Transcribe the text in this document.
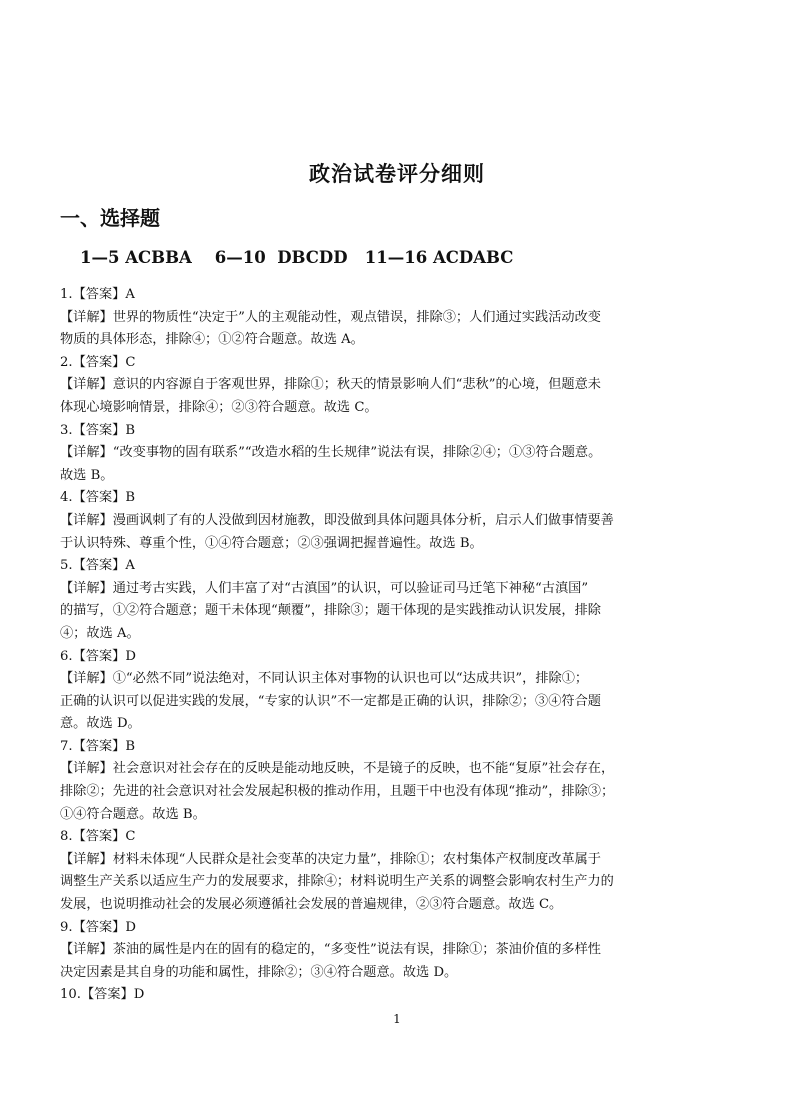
政治试卷评分细则
一、选择题
1—5 ACBBA    6—10  DBCDD   11—16 ACDABC
1.【答案】A
【详解】世界的物质性“决定于”人的主观能动性，观点错误，排除③；人们通过实践活动改变
物质的具体形态，排除④；①②符合题意。故选 A。
2.【答案】C
【详解】意识的内容源自于客观世界，排除①；秋天的情景影响人们“悲秋”的心境，但题意未
体现心境影响情景，排除④；②③符合题意。故选 C。
3.【答案】B
【详解】“改变事物的固有联系”“改造水稻的生长规律”说法有误，排除②④；①③符合题意。
故选 B。
4.【答案】B
【详解】漫画讽刺了有的人没做到因材施教，即没做到具体问题具体分析，启示人们做事情要善
于认识特殊、尊重个性，①④符合题意；②③强调把握普遍性。故选 B。
5.【答案】A
【详解】通过考古实践，人们丰富了对“古滇国”的认识，可以验证司马迁笔下神秘“古滇国”
的描写，①②符合题意；题干未体现“颠覆”，排除③；题干体现的是实践推动认识发展，排除
④；故选 A。
6.【答案】D
【详解】①“必然不同”说法绝对，不同认识主体对事物的认识也可以“达成共识”，排除①；
正确的认识可以促进实践的发展，“专家的认识”不一定都是正确的认识，排除②；③④符合题
意。故选 D。
7.【答案】B
【详解】社会意识对社会存在的反映是能动地反映，不是镜子的反映，也不能“复原”社会存在，
排除②；先进的社会意识对社会发展起积极的推动作用，且题干中也没有体现“推动”，排除③；
①④符合题意。故选 B。
8.【答案】C
【详解】材料未体现“人民群众是社会变革的决定力量”，排除①；农村集体产权制度改革属于
调整生产关系以适应生产力的发展要求，排除④；材料说明生产关系的调整会影响农村生产力的
发展，也说明推动社会的发展必须遵循社会发展的普遍规律，②③符合题意。故选 C。
9.【答案】D
【详解】茶油的属性是内在的固有的稳定的，“多变性”说法有误，排除①；茶油价值的多样性
决定因素是其自身的功能和属性，排除②；③④符合题意。故选 D。
10.【答案】D
1
